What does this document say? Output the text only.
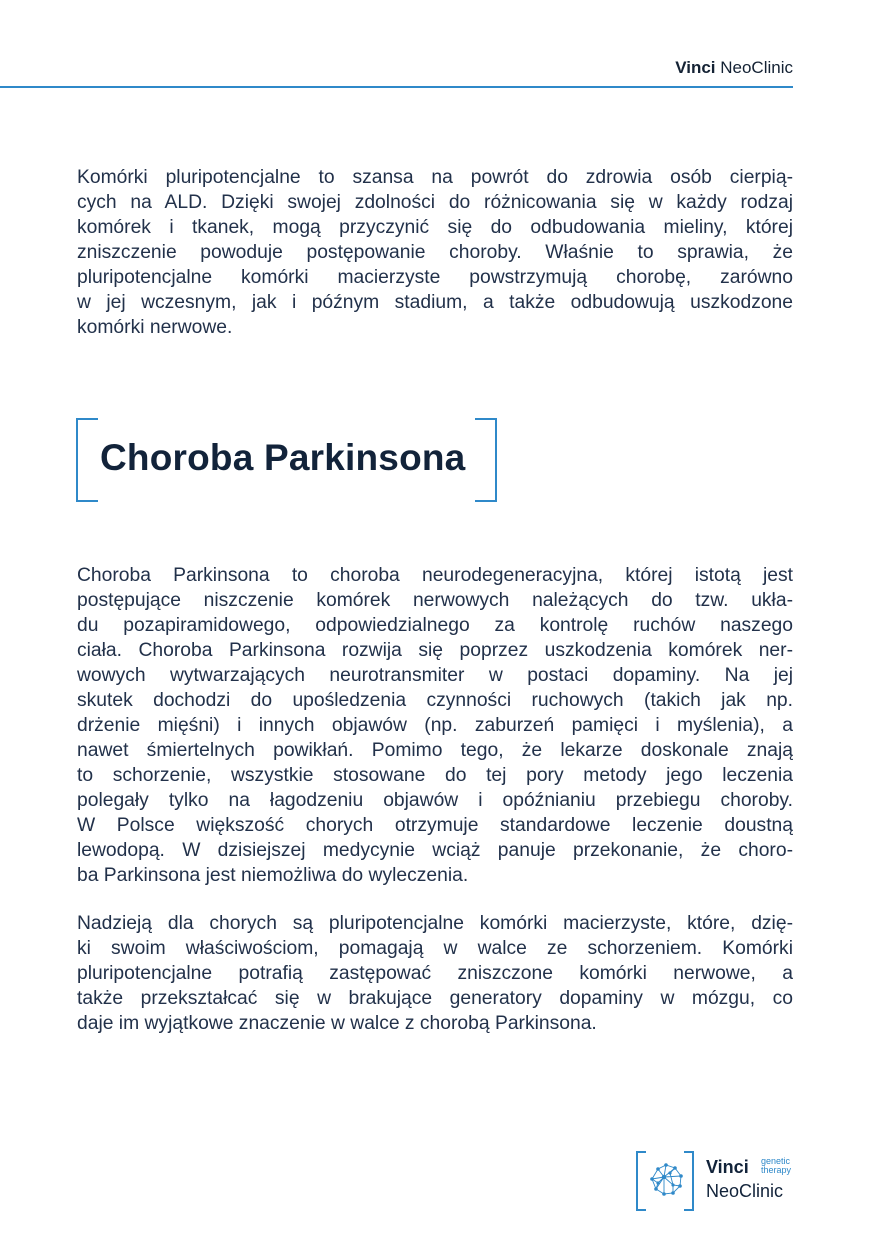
Vinci NeoClinic
Komórki pluripotencjalne to szansa na powrót do zdrowia osób cierpią-
cych na ALD. Dzięki swojej zdolności do różnicowania się w każdy rodzaj
komórek i tkanek, mogą przyczynić się do odbudowania mieliny, której
zniszczenie powoduje postępowanie choroby. Właśnie to sprawia, że
pluripotencjalne komórki macierzyste powstrzymują chorobę, zarówno
w jej wczesnym, jak i późnym stadium, a także odbudowują uszkodzone
komórki nerwowe.
Choroba Parkinsona
Choroba Parkinsona to choroba neurodegeneracyjna, której istotą jest
postępujące niszczenie komórek nerwowych należących do tzw. ukła-
du pozapiramidowego, odpowiedzialnego za kontrolę ruchów naszego
ciała. Choroba Parkinsona rozwija się poprzez uszkodzenia komórek ner-
wowych wytwarzających neurotransmiter w postaci dopaminy. Na jej
skutek dochodzi do upośledzenia czynności ruchowych (takich jak np.
drżenie mięśni) i innych objawów (np. zaburzeń pamięci i myślenia), a
nawet śmiertelnych powikłań. Pomimo tego, że lekarze doskonale znają
to schorzenie, wszystkie stosowane do tej pory metody jego leczenia
polegały tylko na łagodzeniu objawów i opóźnianiu przebiegu choroby.
W Polsce większość chorych otrzymuje standardowe leczenie doustną
lewodopą. W dzisiejszej medycynie wciąż panuje przekonanie, że choro-
ba Parkinsona jest niemożliwa do wyleczenia.
Nadzieją dla chorych są pluripotencjalne komórki macierzyste, które, dzię-
ki swoim właściwościom, pomagają w walce ze schorzeniem. Komórki
pluripotencjalne potrafią zastępować zniszczone komórki nerwowe, a
także przekształcać się w brakujące generatory dopaminy w mózgu, co
daje im wyjątkowe znaczenie w walce z chorobą Parkinsona.
Vinci genetic
therapy
NeoClinic
